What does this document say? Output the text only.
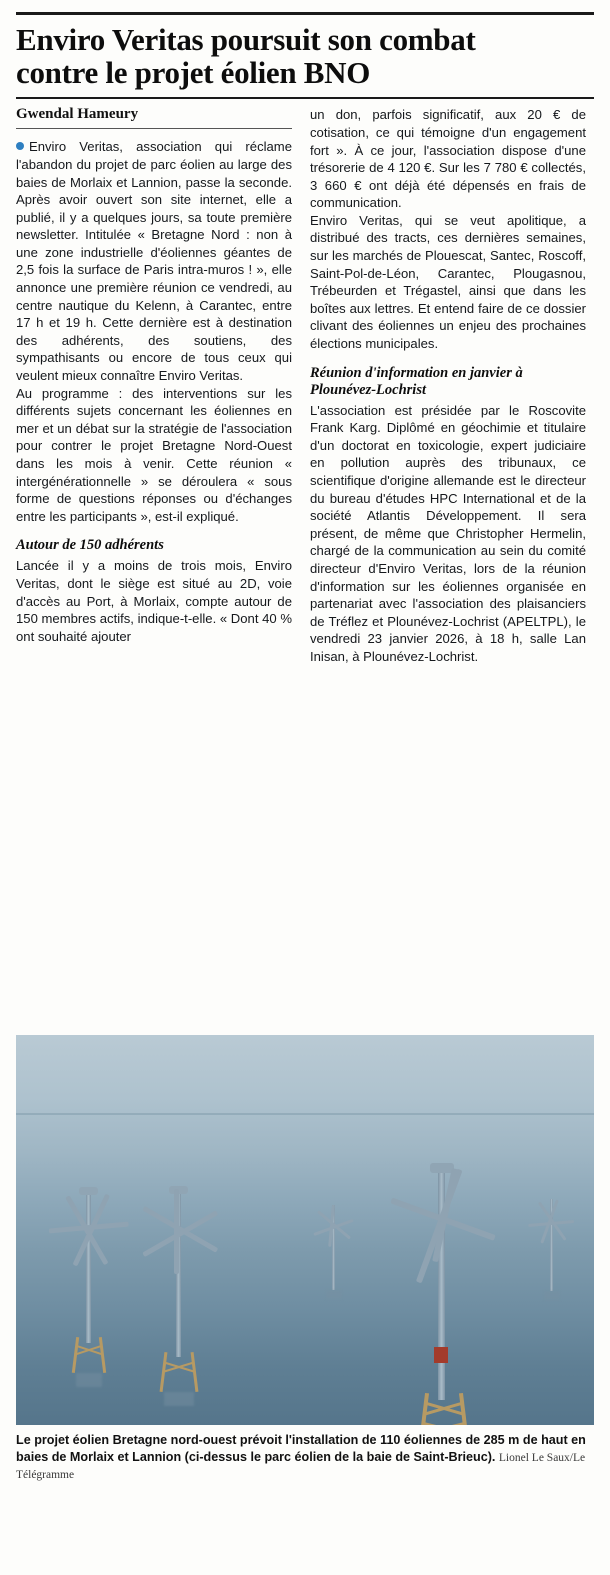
Enviro Veritas poursuit son combat
contre le projet éolien BNO
Gwendal Hameury

Enviro Veritas, association qui réclame l'abandon du projet de parc éolien au large des baies de Morlaix et Lannion, passe la seconde. Après avoir ouvert son site internet, elle a publié, il y a quelques jours, sa toute première newsletter. Intitulée « Bretagne Nord : non à une zone industrielle d'éoliennes géantes de 2,5 fois la surface de Paris intra-muros ! », elle annonce une première réunion ce vendredi, au centre nautique du Kelenn, à Carantec, entre 17 h et 19 h. Cette dernière est à destination des adhérents, des soutiens, des sympathisants ou encore de tous ceux qui veulent mieux connaître Enviro Veritas.

Au programme : des interventions sur les différents sujets concernant les éoliennes en mer et un débat sur la stratégie de l'association pour contrer le projet Bretagne Nord-Ouest dans les mois à venir. Cette réunion « intergénérationnelle » se déroulera « sous forme de questions réponses ou d'échanges entre les participants », est-il expliqué.

Autour de 150 adhérents

Lancée il y a moins de trois mois, Enviro Veritas, dont le siège est situé au 2D, voie d'accès au Port, à Morlaix, compte autour de 150 membres actifs, indique-t-elle. « Dont 40 % ont souhaité ajouter

un don, parfois significatif, aux 20 € de cotisation, ce qui témoigne d'un engagement fort ». À ce jour, l'association dispose d'une trésorerie de 4 120 €. Sur les 7 780 € collectés, 3 660 € ont déjà été dépensés en frais de communication.

Enviro Veritas, qui se veut apolitique, a distribué des tracts, ces dernières semaines, sur les marchés de Plouescat, Santec, Roscoff, Saint-Pol-de-Léon, Carantec, Plougasnou, Trébeurden et Trégastel, ainsi que dans les boîtes aux lettres. Et entend faire de ce dossier clivant des éoliennes un enjeu des prochaines élections municipales.

Réunion d'information en janvier à Plounévez-Lochrist

L'association est présidée par le Roscovite Frank Karg. Diplômé en géochimie et titulaire d'un doctorat en toxicologie, expert judiciaire en pollution auprès des tribunaux, ce scientifique d'origine allemande est le directeur du bureau d'études HPC International et de la société Atlantis Développement. Il sera présent, de même que Christopher Hermelin, chargé de la communication au sein du comité directeur d'Enviro Veritas, lors de la réunion d'information sur les éoliennes organisée en partenariat avec l'association des plaisanciers de Tréflez et Plounévez-Lochrist (APELTPL), le vendredi 23 janvier 2026, à 18 h, salle Lan Inisan, à Plounévez-Lochrist.

Le projet éolien Bretagne nord-ouest prévoit l'installation de 110 éoliennes de 285 m de haut en baies de Morlaix et Lannion (ci-dessus le parc éolien de la baie de Saint-Brieuc). Lionel Le Saux/Le Télégramme
